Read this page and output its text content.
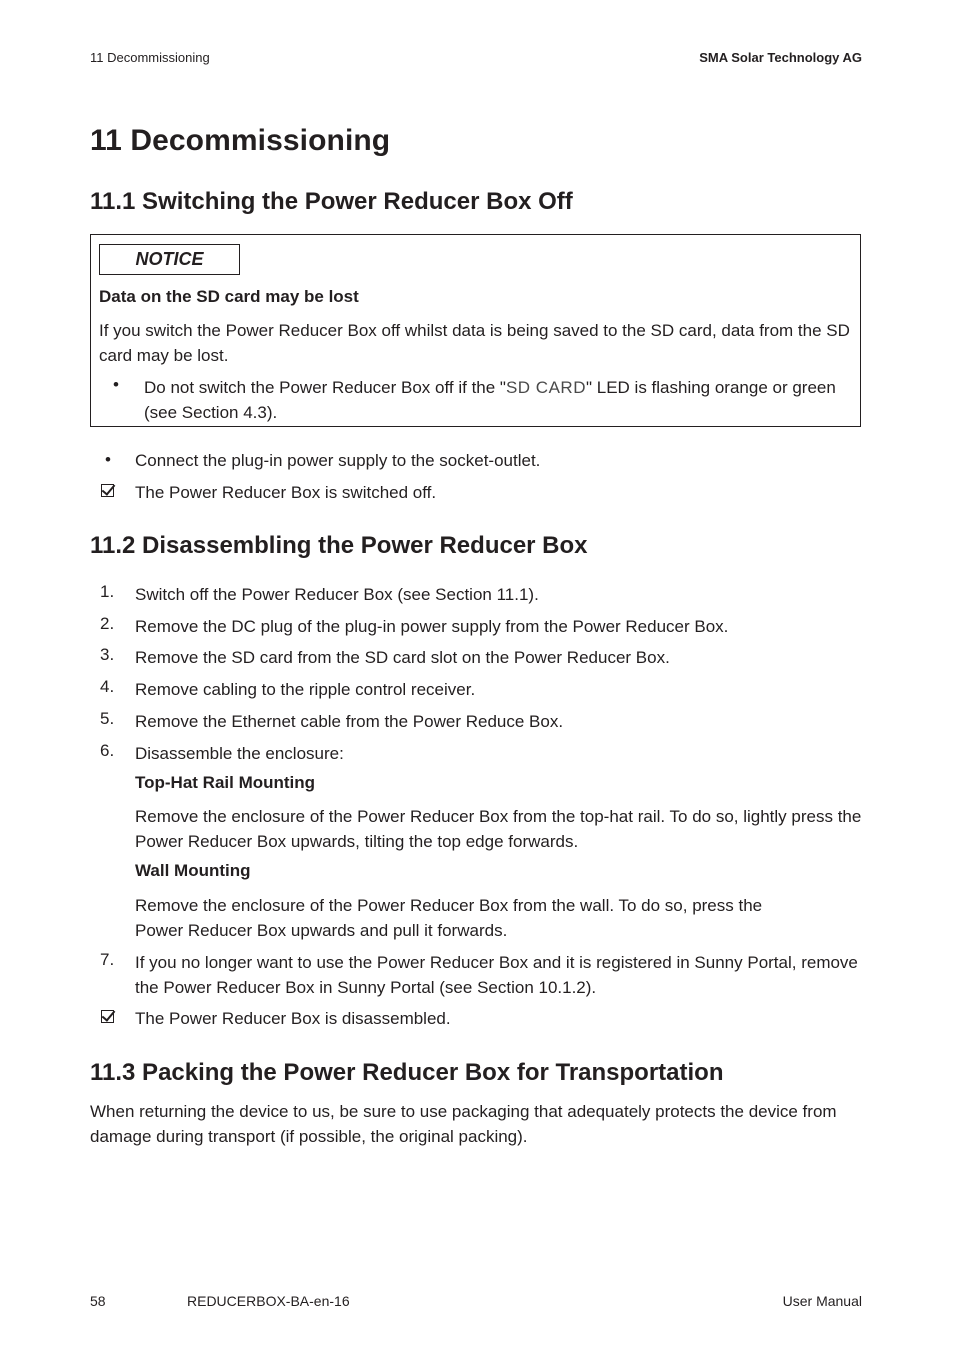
11 Decommissioning	SMA Solar Technology AG
11 Decommissioning
11.1 Switching the Power Reducer Box Off
NOTICE
Data on the SD card may be lost
If you switch the Power Reducer Box off whilst data is being saved to the SD card, data from the SD card may be lost.
• Do not switch the Power Reducer Box off if the "SD CARD" LED is flashing orange or green (see Section 4.3).
• Connect the plug-in power supply to the socket-outlet.
The Power Reducer Box is switched off.
11.2 Disassembling the Power Reducer Box
1. Switch off the Power Reducer Box (see Section 11.1).
2. Remove the DC plug of the plug-in power supply from the Power Reducer Box.
3. Remove the SD card from the SD card slot on the Power Reducer Box.
4. Remove cabling to the ripple control receiver.
5. Remove the Ethernet cable from the Power Reduce Box.
6. Disassemble the enclosure:
Top-Hat Rail Mounting
Remove the enclosure of the Power Reducer Box from the top-hat rail. To do so, lightly press the Power Reducer Box upwards, tilting the top edge forwards.
Wall Mounting
Remove the enclosure of the Power Reducer Box from the wall. To do so, press the
Power Reducer Box upwards and pull it forwards.
7. If you no longer want to use the Power Reducer Box and it is registered in Sunny Portal, remove the Power Reducer Box in Sunny Portal (see Section 10.1.2).
The Power Reducer Box is disassembled.
11.3 Packing the Power Reducer Box for Transportation
When returning the device to us, be sure to use packaging that adequately protects the device from damage during transport (if possible, the original packing).
58	REDUCERBOX-BA-en-16	User Manual
